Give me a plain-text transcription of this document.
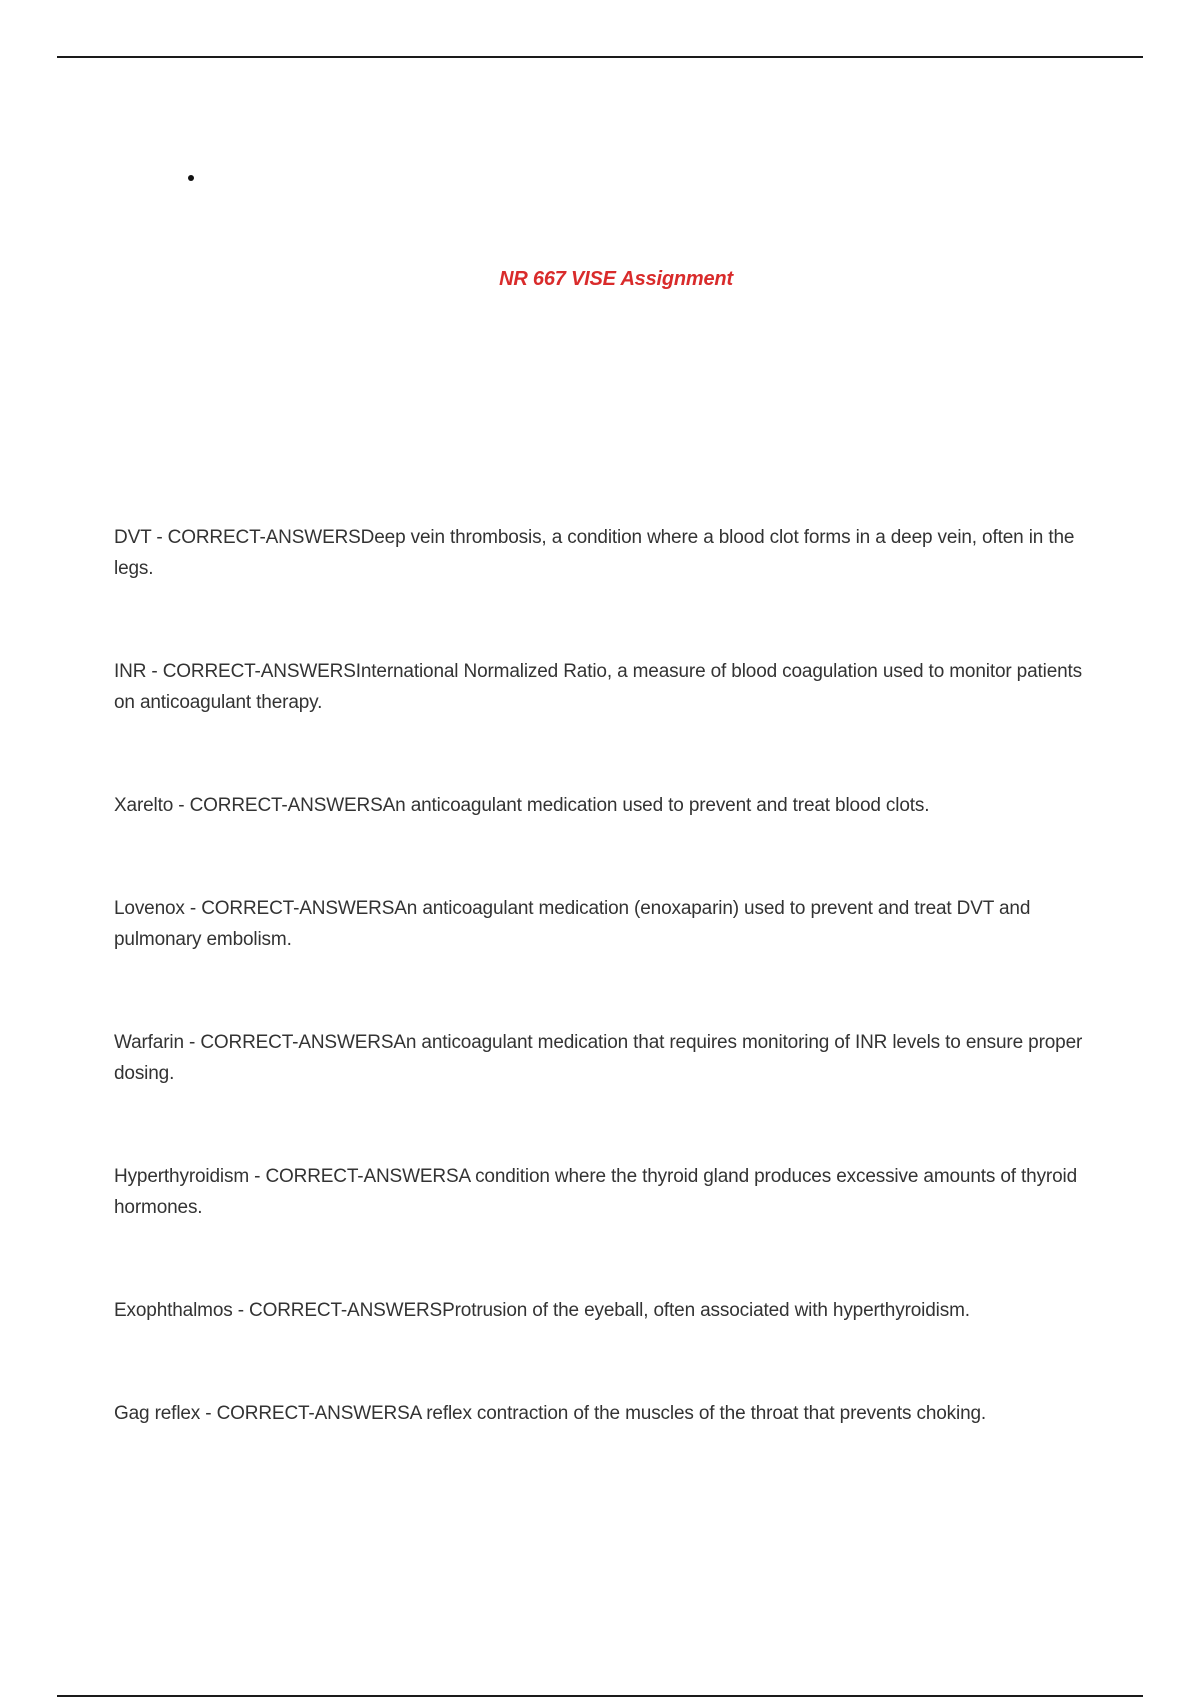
NR 667 VISE Assignment

DVT - CORRECT-ANSWERSDeep vein thrombosis, a condition where a blood clot forms in a deep vein, often in the legs.

INR - CORRECT-ANSWERSInternational Normalized Ratio, a measure of blood coagulation used to monitor patients on anticoagulant therapy.

Xarelto - CORRECT-ANSWERSAn anticoagulant medication used to prevent and treat blood clots.

Lovenox - CORRECT-ANSWERSAn anticoagulant medication (enoxaparin) used to prevent and treat DVT and pulmonary embolism.

Warfarin - CORRECT-ANSWERSAn anticoagulant medication that requires monitoring of INR levels to ensure proper dosing.

Hyperthyroidism - CORRECT-ANSWERSA condition where the thyroid gland produces excessive amounts of thyroid hormones.

Exophthalmos - CORRECT-ANSWERSProtrusion of the eyeball, often associated with hyperthyroidism.

Gag reflex - CORRECT-ANSWERSA reflex contraction of the muscles of the throat that prevents choking.
